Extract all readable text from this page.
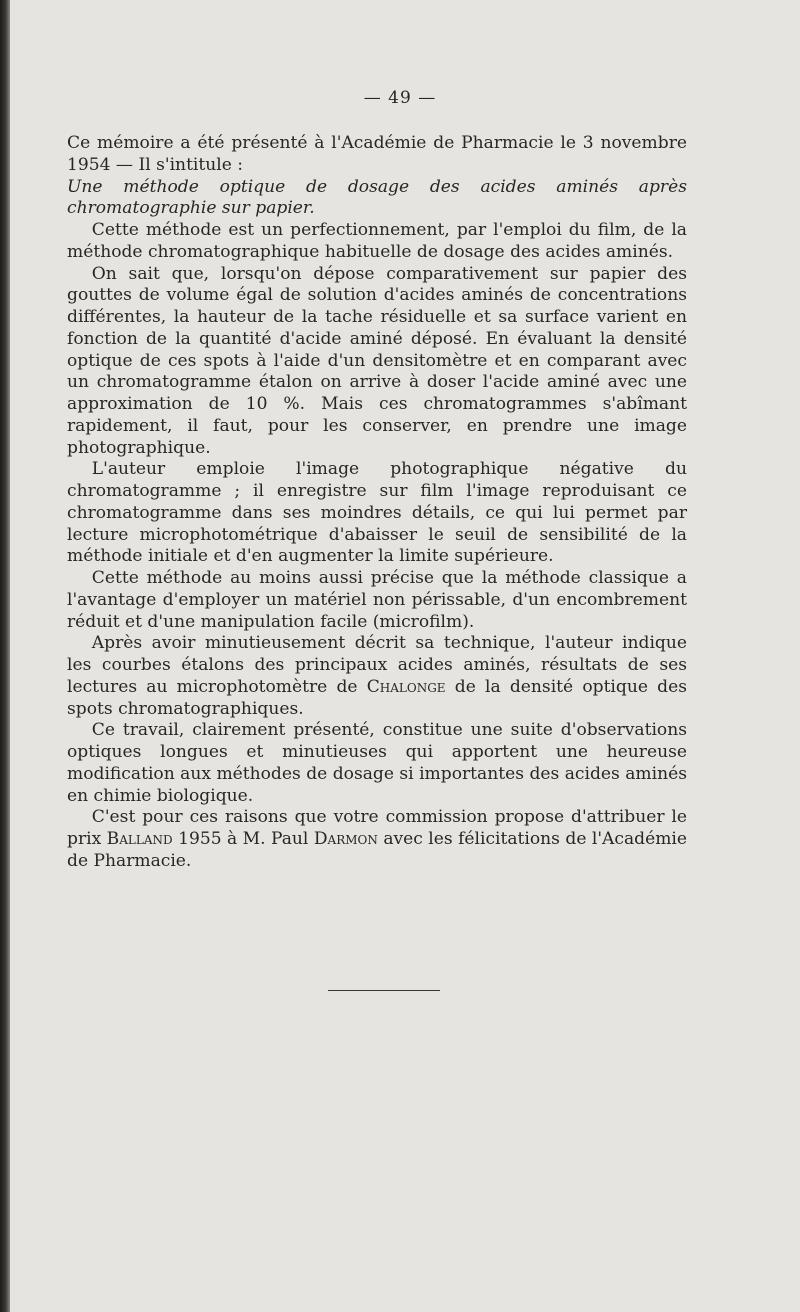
— 49 —

Ce mémoire a été présenté à l'Académie de Pharmacie le 3 novembre 1954 — Il s'intitule :

Une méthode optique de dosage des acides aminés après chromatographie sur papier.

Cette méthode est un perfectionnement, par l'emploi du film, de la méthode chromatographique habituelle de dosage des acides aminés.

On sait que, lorsqu'on dépose comparativement sur papier des gouttes de volume égal de solution d'acides aminés de concentrations différentes, la hauteur de la tache résiduelle et sa surface varient en fonction de la quantité d'acide aminé déposé. En évaluant la densité optique de ces spots à l'aide d'un densitomètre et en comparant avec un chromatogramme étalon on arrive à doser l'acide aminé avec une approximation de 10 %. Mais ces chromatogrammes s'abîmant rapidement, il faut, pour les conserver, en prendre une image photographique.

L'auteur emploie l'image photographique négative du chromatogramme ; il enregistre sur film l'image reproduisant ce chromatogramme dans ses moindres détails, ce qui lui permet par lecture microphotométrique d'abaisser le seuil de sensibilité de la méthode initiale et d'en augmenter la limite supérieure.

Cette méthode au moins aussi précise que la méthode classique a l'avantage d'employer un matériel non périssable, d'un encombrement réduit et d'une manipulation facile (microfilm).

Après avoir minutieusement décrit sa technique, l'auteur indique les courbes étalons des principaux acides aminés, résultats de ses lectures au microphotomètre de Chalonge de la densité optique des spots chromatographiques.

Ce travail, clairement présenté, constitue une suite d'observations optiques longues et minutieuses qui apportent une heureuse modification aux méthodes de dosage si importantes des acides aminés en chimie biologique.

C'est pour ces raisons que votre commission propose d'attribuer le prix Balland 1955 à M. Paul Darmon avec les félicitations de l'Académie de Pharmacie.
